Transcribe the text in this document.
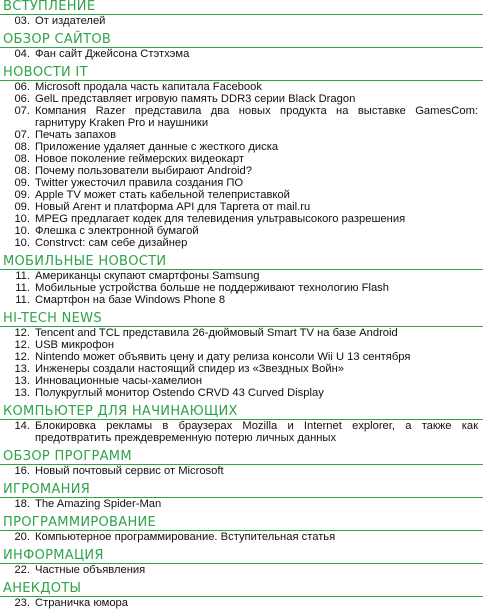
ВСТУПЛЕНИЕ
03. От издателей
ОБЗОР САЙТОВ
04. Фан сайт Джейсона Стэтхэма
НОВОСТИ IT
06. Microsoft продала часть капитала Facebook
06. GelL представляет игровую память DDR3 серии Black Dragon
07. Компания Razer представила два новых продукта на выставке GamesCom: гарнитуру Kraken Pro и наушники
07. Печать запахов
08. Приложение удаляет данные с жесткого диска
08. Новое поколение геймерских видеокарт
08. Почему пользователи выбирают Android?
09. Twitter ужесточил правила создания ПО
09. Apple TV может стать кабельной телеприставкой
09. Новый Агент и платформа API для Таргета от mail.ru
10. MPEG предлагает кодек для телевидения ультравысокого разрешения
10. Флешка с электронной бумагой
10. Constrvct: сам себе дизайнер
МОБИЛЬНЫЕ НОВОСТИ
11. Американцы скупают смартфоны Samsung
11. Мобильные устройства больше не поддерживают технологию Flash
11. Смартфон на базе Windows Phone 8
HI-TECH NEWS
12. Tencent and TCL представила 26-дюймовый Smart TV на базе Android
12. USB микрофон
12. Nintendo может объявить цену и дату релиза консоли Wii U 13 сентября
13. Инженеры создали настоящий спидер из «Звездных Войн»
13. Инновационные часы-хамелион
13. Полукруглый монитор Ostendo CRVD 43 Curved Display
КОМПЬЮТЕР ДЛЯ НАЧИНАЮЩИХ
14. Блокировка рекламы в браузерах Mozilla и Internet explorer, а также как предотвратить преждевременную потерю личных данных
ОБЗОР ПРОГРАММ
16. Новый почтовый сервис от Microsoft
ИГРОМАНИЯ
18. The Amazing Spider-Man
ПРОГРАММИРОВАНИЕ
20. Компьютерное программирование. Вступительная статья
ИНФОРМАЦИЯ
22. Частные объявления
АНЕКДОТЫ
23. Страничка юмора
